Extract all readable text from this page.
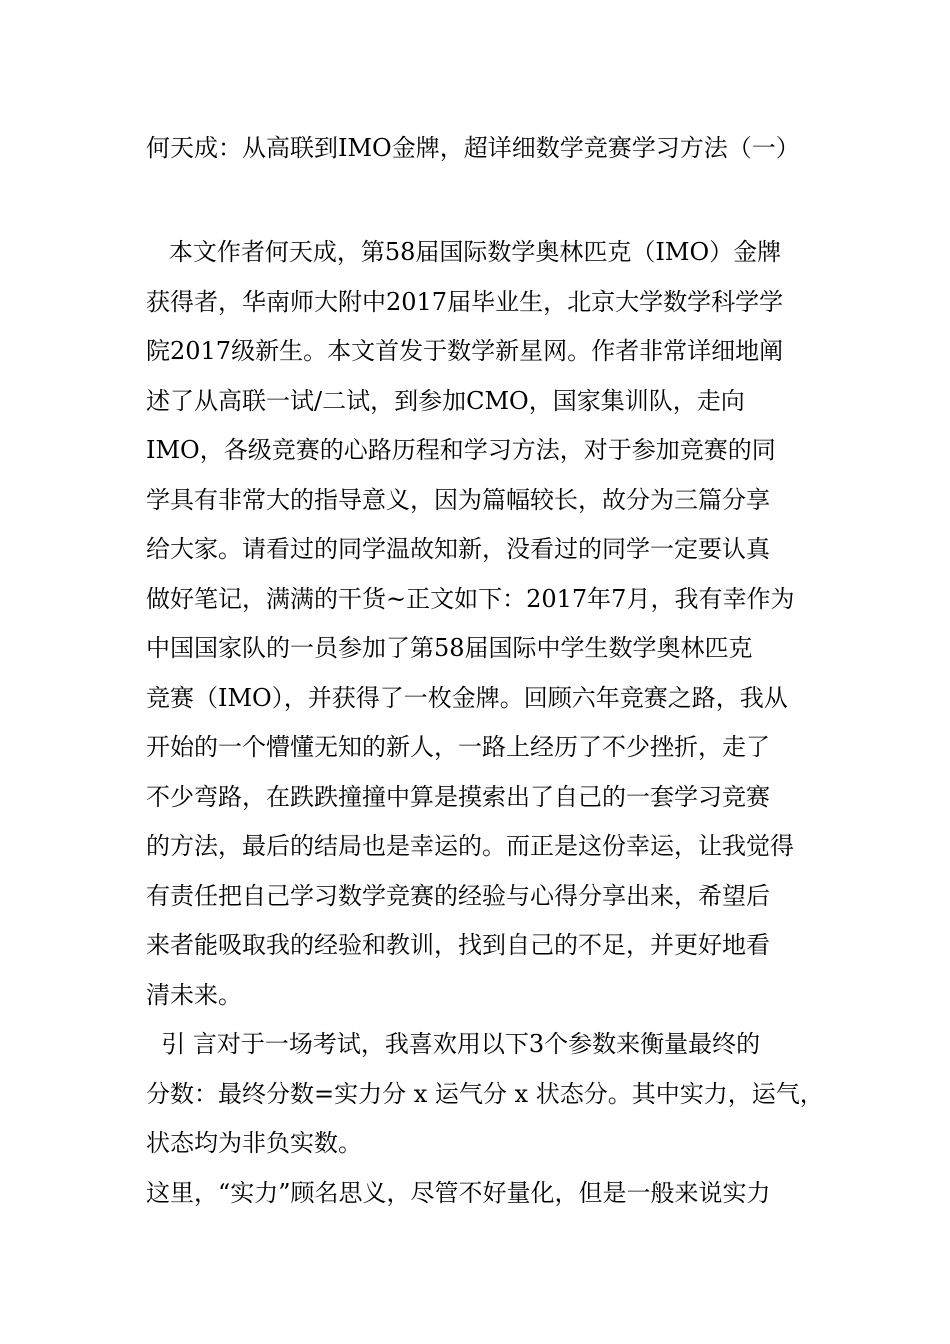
何天成：从高联到IMO金牌，超详细数学竞赛学习方法（一）
本文作者何天成，第58届国际数学奥林匹克（IMO）金牌
获得者，华南师大附中2017届毕业生，北京大学数学科学学
院2017级新生。本文首发于数学新星网。作者非常详细地阐
述了从高联一试/二试，到参加CMO，国家集训队，走向
IMO，各级竞赛的心路历程和学习方法，对于参加竞赛的同
学具有非常大的指导意义，因为篇幅较长，故分为三篇分享
给大家。请看过的同学温故知新，没看过的同学一定要认真
做好笔记，满满的干货~正文如下：2017年7月，我有幸作为
中国国家队的一员参加了第58届国际中学生数学奥林匹克
竞赛（IMO），并获得了一枚金牌。回顾六年竞赛之路，我从
开始的一个懵懂无知的新人，一路上经历了不少挫折，走了
不少弯路，在跌跌撞撞中算是摸索出了自己的一套学习竞赛
的方法，最后的结局也是幸运的。而正是这份幸运，让我觉得
有责任把自己学习数学竞赛的经验与心得分享出来，希望后
来者能吸取我的经验和教训，找到自己的不足，并更好地看
清未来。
引 言对于一场考试，我喜欢用以下3个参数来衡量最终的
分数：最终分数=实力分 x 运气分 x 状态分。其中实力，运气，
状态均为非负实数。
这里，“实力”顾名思义，尽管不好量化，但是一般来说实力
